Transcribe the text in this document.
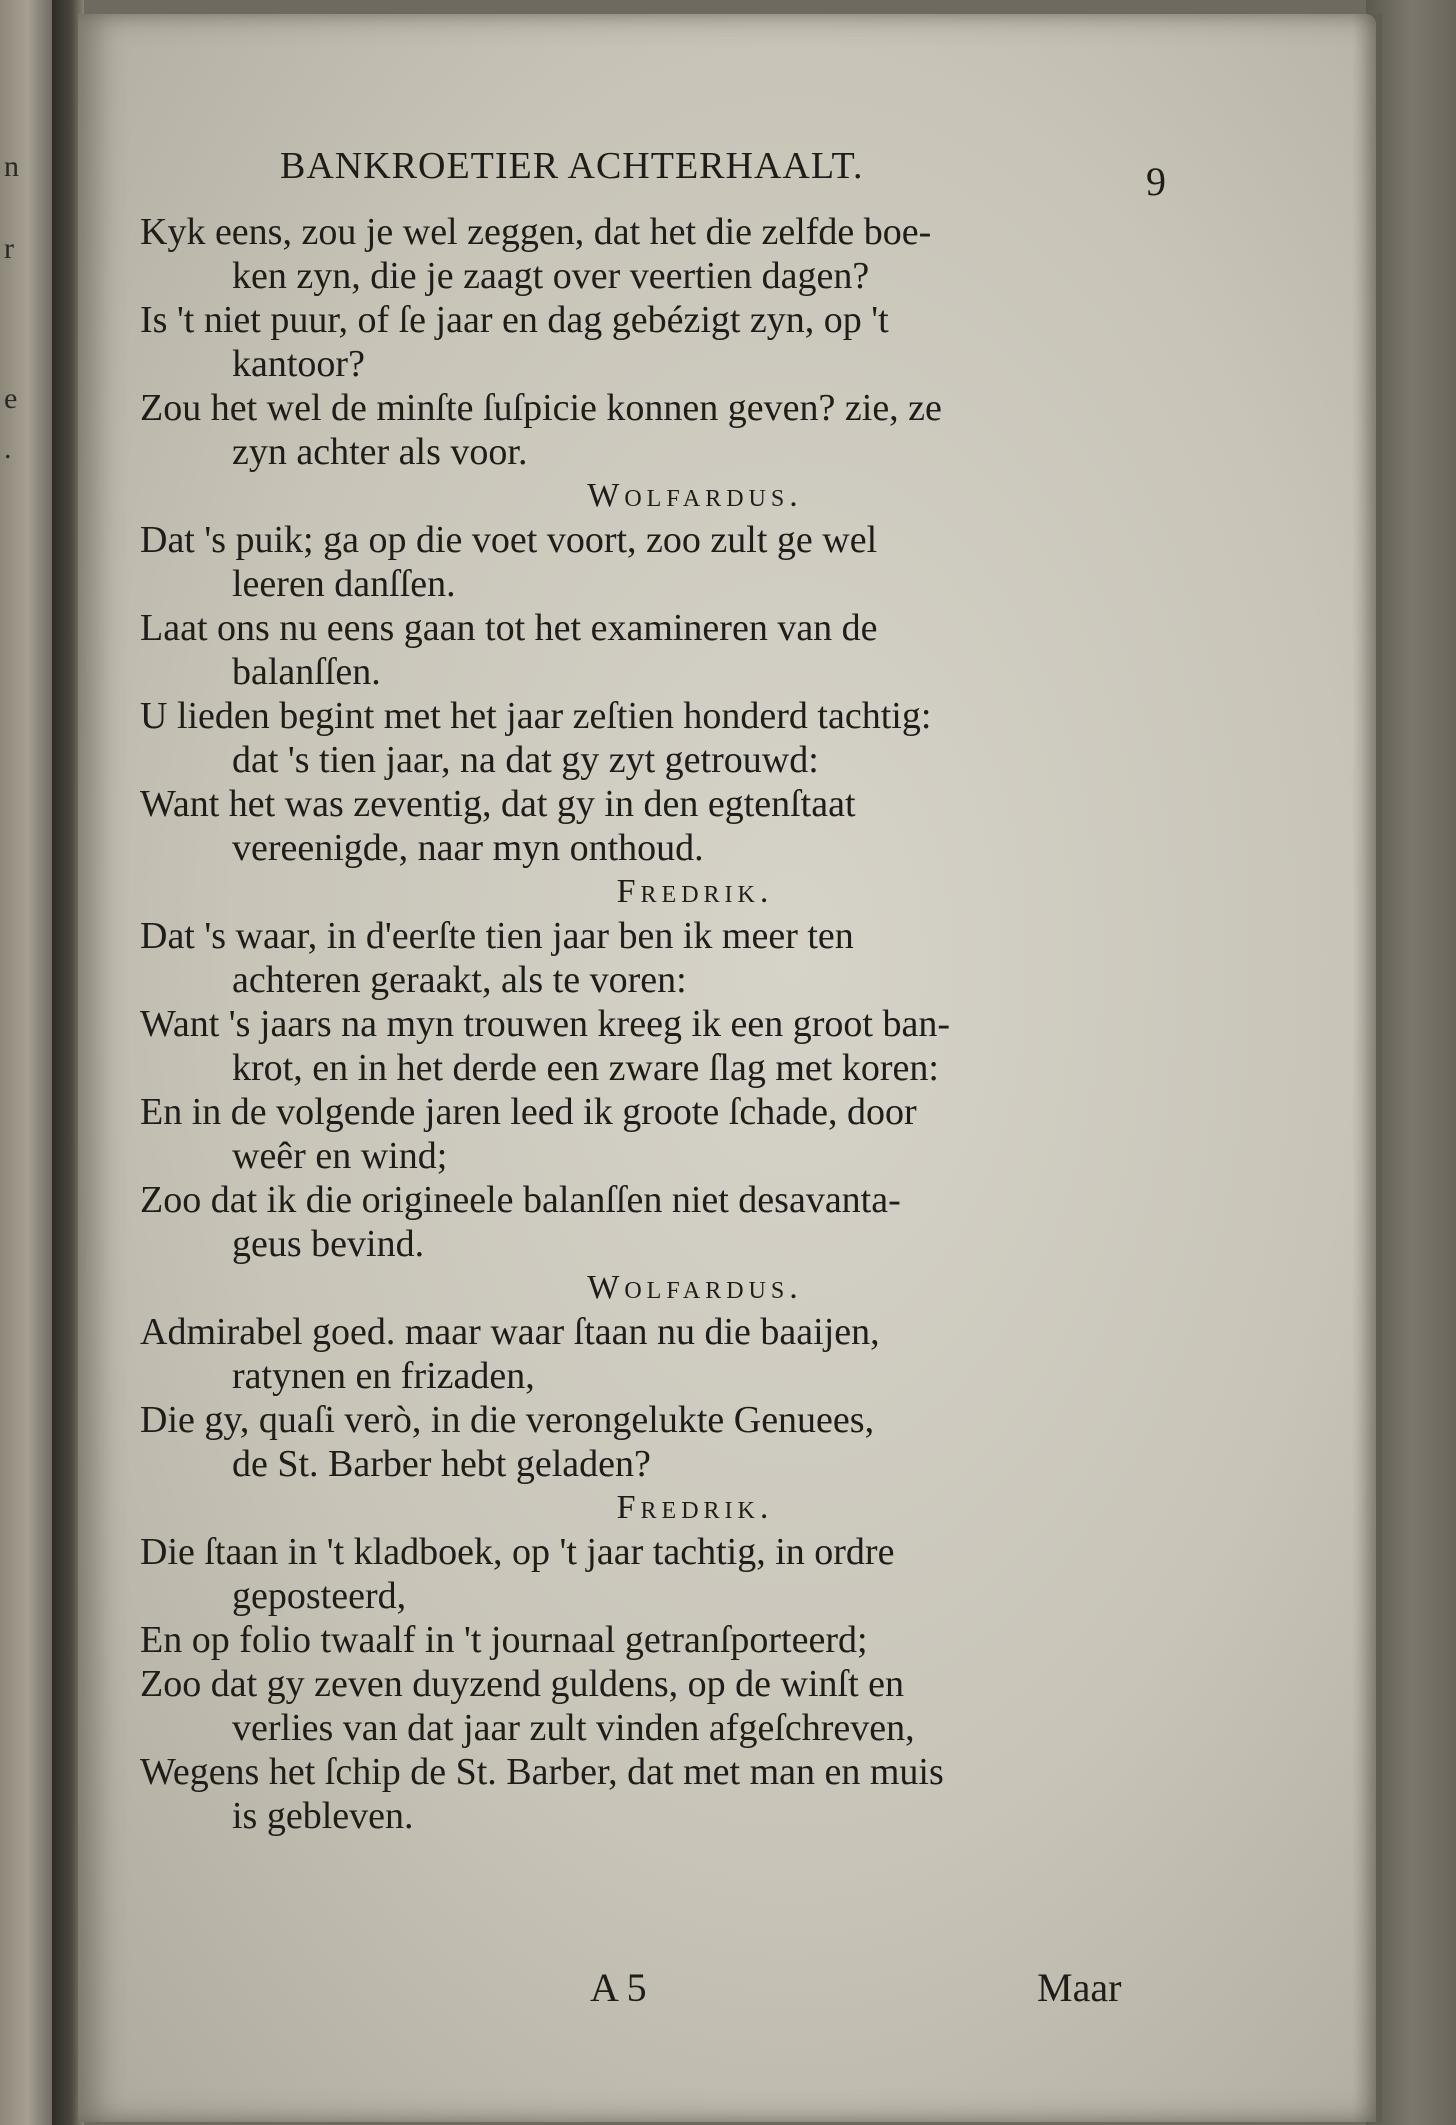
n
r
e
.
BANKROETIER ACHTERHAALT.	9
Kyk eens, zou je wel zeggen, dat het die zelfde boe-
ken zyn, die je zaagt over veertien dagen?
Is 't niet puur, of ſe jaar en dag gebézigt zyn, op 't
kantoor?
Zou het wel de minſte ſuſpicie konnen geven? zie, ze
zyn achter als voor.
Wolfardus.
Dat 's puik; ga op die voet voort, zoo zult ge wel
leeren danſſen.
Laat ons nu eens gaan tot het examineren van de
balanſſen.
U lieden begint met het jaar zeſtien honderd tachtig:
dat 's tien jaar, na dat gy zyt getrouwd:
Want het was zeventig, dat gy in den egtenſtaat
vereenigde, naar myn onthoud.
Fredrik.
Dat 's waar, in d'eerſte tien jaar ben ik meer ten
achteren geraakt, als te voren:
Want 's jaars na myn trouwen kreeg ik een groot ban-
krot, en in het derde een zware ſlag met koren:
En in de volgende jaren leed ik groote ſchade, door
weêr en wind;
Zoo dat ik die origineele balanſſen niet desavanta-
geus bevind.
Wolfardus.
Admirabel goed. maar waar ſtaan nu die baaijen,
ratynen en frizaden,
Die gy, quaſi verò, in die verongelukte Genuees,
de St. Barber hebt geladen?
Fredrik.
Die ſtaan in 't kladboek, op 't jaar tachtig, in ordre
geposteerd,
En op folio twaalf in 't journaal getranſporteerd;
Zoo dat gy zeven duyzend guldens, op de winſt en
verlies van dat jaar zult vinden afgeſchreven,
Wegens het ſchip de St. Barber, dat met man en muis
is gebleven.
A 5	Maar
